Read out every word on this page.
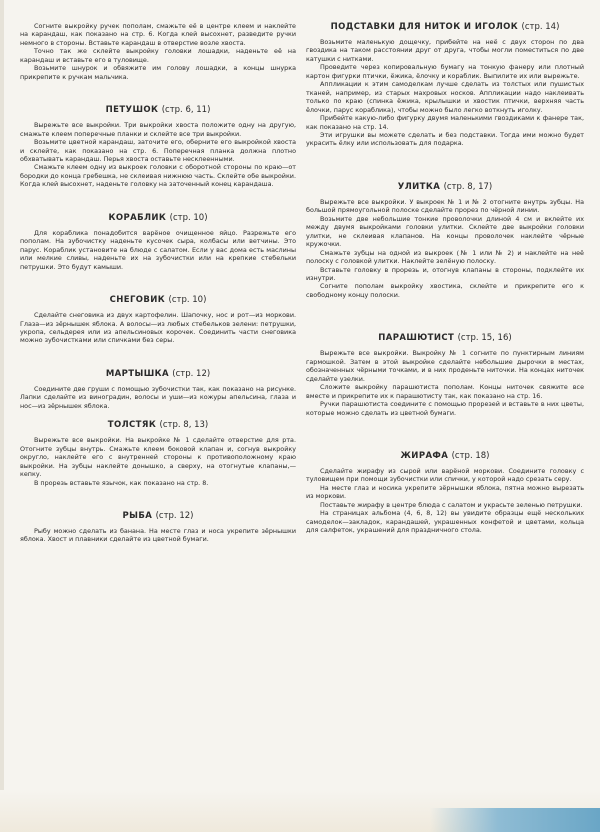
Согните выкройку ручек пополам, смажьте её в центре клеем и наклейте на карандаш, как показано на стр. 6. Когда клей высохнет, разведите ручки немного в стороны. Вставьте карандаш в отверстие возле хвоста.

Точно так же склейте выкройку головки лошадки, наденьте её на карандаш и вставьте его в туловище.

Возьмите шнурок и обвяжите им голову лошадки, а концы шнурка прикрепите к ручкам мальчика.

ПЕТУШОК (стр. 6, 11)

Вырежьте все выкройки. Три выкройки хвоста положите одну на другую, смажьте клеем поперечные планки и склейте все три выкройки.

Возьмите цветной карандаш, заточите его, оберните его выкройкой хвоста и склейте, как показано на стр. 6. Поперечная планка должна плотно обхватывать карандаш. Перья хвоста оставьте несклеенными.

Смажьте клеем одну из выкроек головки с оборотной стороны по краю—от бородки до конца гребешка, не склеивая нижнюю часть. Склейте обе выкройки. Когда клей высохнет, наденьте головку на заточенный конец карандаша.

КОРАБЛИК (стр. 10)

Для кораблика понадобится варёное очищенное яйцо. Разрежьте его пополам. На зубочистку наденьте кусочек сыра, колбасы или ветчины. Это парус. Кораблик установите на блюде с салатом. Если у вас дома есть маслины или мелкие сливы, наденьте их на зубочистки или на крепкие стебельки петрушки. Это будут камыши.

СНЕГОВИК (стр. 10)

Сделайте снеговика из двух картофелин. Шапочку, нос и рот—из моркови. Глаза—из зёрнышек яблока. А волосы—из любых стебельков зелени: петрушки, укропа, сельдерея или из апельсиновых корочек. Соединить части снеговика можно зубочистками или спичками без серы.

МАРТЫШКА (стр. 12)

Соедините две груши с помощью зубочистки так, как показано на рисунке. Лапки сделайте из виноградин, волосы и уши—из кожуры апельсина, глаза и нос—из зёрнышек яблока.

ТОЛСТЯК (стр. 8, 13)

Вырежьте все выкройки. На выкройке № 1 сделайте отверстие для рта. Отогните зубцы внутрь. Смажьте клеем боковой клапан и, согнув выкройку округло, наклейте его с внутренней стороны к противоположному краю выкройки. На зубцы наклейте донышко, а сверху, на отогнутые клапаны,—кепку.

В прорезь вставьте язычок, как показано на стр. 8.

РЫБА (стр. 12)

Рыбу можно сделать из банана. На месте глаз и носа укрепите зёрнышки яблока. Хвост и плавники сделайте из цветной бумаги.

ПОДСТАВКИ ДЛЯ НИТОК И ИГОЛОК (стр. 14)

Возьмите маленькую дощечку, прибейте на неё с двух сторон по два гвоздика на таком расстоянии друг от друга, чтобы могли поместиться по две катушки с нитками.

Проведите через копировальную бумагу на тонкую фанеру или плотный картон фигурки птички, ёжика, ёлочку и кораблик. Выпилите их или вырежьте.

Аппликации к этим самоделкам лучше сделать из толстых или пушистых тканей, например, из старых махровых носков. Аппликации надо наклеивать только по краю (спинка ёжика, крылышки и хвостик птички, верхняя часть ёлочки, парус кораблика), чтобы можно было легко воткнуть иголку.

Прибейте какую-либо фигурку двумя маленькими гвоздиками к фанере так, как показано на стр. 14.

Эти игрушки вы можете сделать и без подставки. Тогда ими можно будет украсить ёлку или использовать для подарка.

УЛИТКА (стр. 8, 17)

Вырежьте все выкройки. У выкроек № 1 и № 2 отогните внутрь зубцы. На большой прямоугольной полоске сделайте прорез по чёрной линии.

Возьмите две небольшие тонкие проволочки длиной 4 см и вклейте их между двумя выкройками головки улитки. Склейте две выкройки головки улитки, не склеивая клапанов. На концы проволочек наклейте чёрные кружочки.

Смажьте зубцы на одной из выкроек (№ 1 или № 2) и наклейте на неё полоску с головкой улитки. Наклейте зелёную полоску.

Вставьте головку в прорезь и, отогнув клапаны в стороны, подклейте их изнутри.

Согните пополам выкройку хвостика, склейте и прикрепите его к свободному концу полоски.

ПАРАШЮТИСТ (стр. 15, 16)

Вырежьте все выкройки. Выкройку № 1 согните по пунктирным линиям гармошкой. Затем в этой выкройке сделайте небольшие дырочки в местах, обозначенных чёрными точками, и в них проденьте ниточки. На концах ниточек сделайте узелки.

Сложите выкройку парашютиста пополам. Концы ниточек свяжите все вместе и прикрепите их к парашютисту так, как показано на стр. 16.

Ручки парашютиста соедините с помощью прорезей и вставьте в них цветы, которые можно сделать из цветной бумаги.

ЖИРАФА (стр. 18)

Сделайте жирафу из сырой или варёной моркови. Соедините головку с туловищем при помощи зубочистки или спички, у которой надо срезать серу.

На месте глаз и носика укрепите зёрнышки яблока, пятна можно вырезать из моркови.

Поставьте жирафу в центре блюда с салатом и украсьте зеленью петрушки.

На страницах альбома (4, 6, 8, 12) вы увидите образцы ещё нескольких самоделок—закладок, карандашей, украшенных конфетой и цветами, кольца для салфеток, украшений для праздничного стола.
